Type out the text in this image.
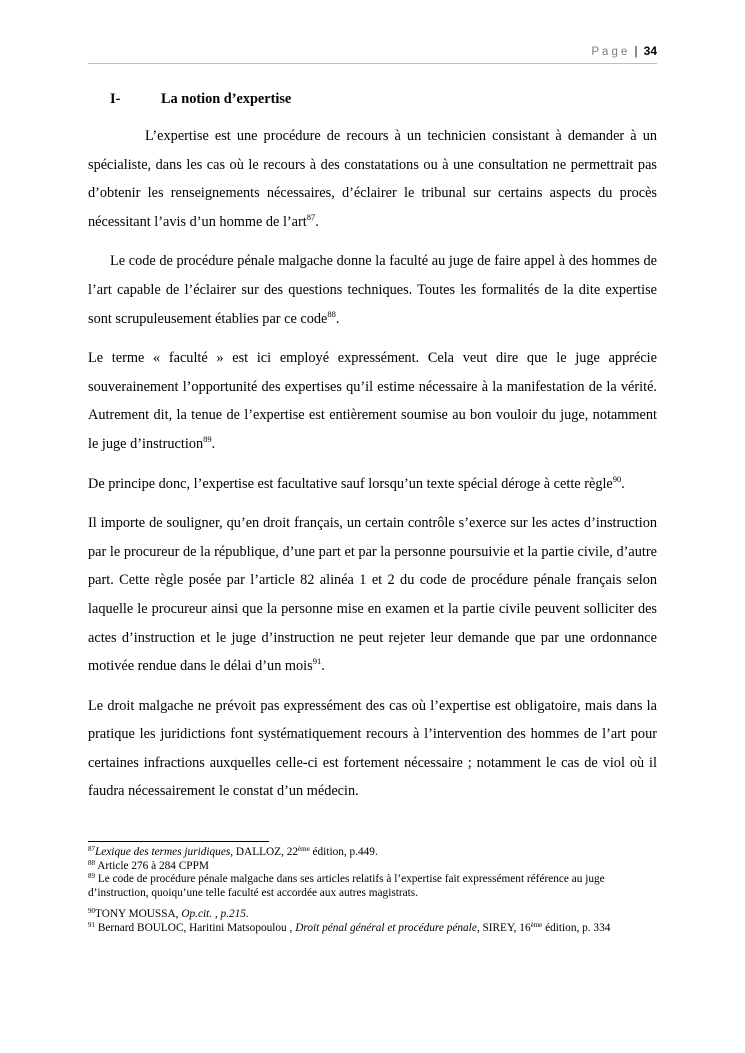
Page | 34
I-	La notion d’expertise

L’expertise est une procédure de recours à un technicien consistant à demander à un spécialiste, dans les cas où le recours à des constatations ou à une consultation ne permettrait pas d’obtenir les renseignements nécessaires, d’éclairer le tribunal sur certains aspects du procès nécessitant l’avis d’un homme de l’art$^{87}$.

Le code de procédure pénale malgache donne la faculté au juge de faire appel à des hommes de l’art capable de l’éclairer sur des questions techniques. Toutes les formalités de la dite expertise sont scrupuleusement établies par ce code$^{88}$.

Le terme « faculté » est ici employé expressément. Cela veut dire que le juge apprécie souverainement l’opportunité des expertises qu’il estime nécessaire à la manifestation de la vérité. Autrement dit, la tenue de l’expertise est entièrement soumise au bon vouloir du juge, notamment le juge d’instruction$^{89}$.

De principe donc, l’expertise est facultative sauf lorsqu’un texte spécial déroge à cette règle$^{90}$.

Il importe de souligner, qu’en droit français, un certain contrôle s’exerce sur les actes d’instruction par le procureur de la république, d’une part et par la personne poursuivie et la partie civile, d’autre part. Cette règle posée par l’article 82 alinéa 1 et 2 du code de procédure pénale français selon laquelle le procureur ainsi que la personne mise en examen et la partie civile peuvent solliciter des actes d’instruction et le juge d’instruction ne peut rejeter leur demande que par une ordonnance motivée rendue dans le délai d’un mois$^{91}$.

Le droit malgache ne prévoit pas expressément des cas où l’expertise est obligatoire, mais dans la pratique les juridictions font systématiquement recours à l’intervention des hommes de l’art pour certaines infractions auxquelles celle-ci est fortement nécessaire ; notamment le cas de viol où il faudra nécessairement le constat d’un médecin.

$^{87}$Lexique des termes juridiques, DALLOZ, 22ème édition, p.449.

$^{88}$ Article 276 à 284 CPPM

$^{89}$ Le code de procédure pénale malgache dans ses articles relatifs à l’expertise fait expressément référence au juge d’instruction, quoiqu’une telle faculté est accordée aux autres magistrats.

$^{90}$TONY MOUSSA, Op.cit. , p.215.

$^{91}$ Bernard BOULOC, Haritini Matsopoulou , Droit pénal général et procédure pénale, SIREY, 16ème édition, p. 334
